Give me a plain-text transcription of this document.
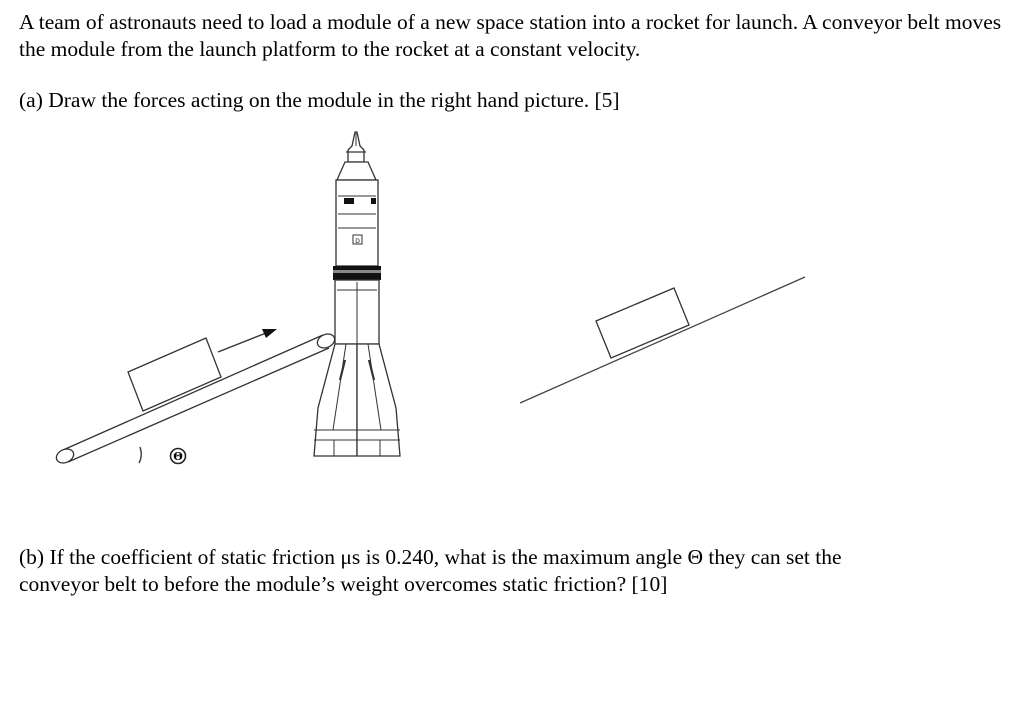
A team of astronauts need to load a module of a new space station into a rocket for launch. A conveyor belt moves the module from the launch platform to the rocket at a constant velocity.

(a) Draw the forces acting on the module in the right hand picture. [5]

Θ
D
(b) If the coefficient of static friction μs is 0.240, what is the maximum angle Θ they can set the
conveyor belt to before the module’s weight overcomes static friction? [10]
